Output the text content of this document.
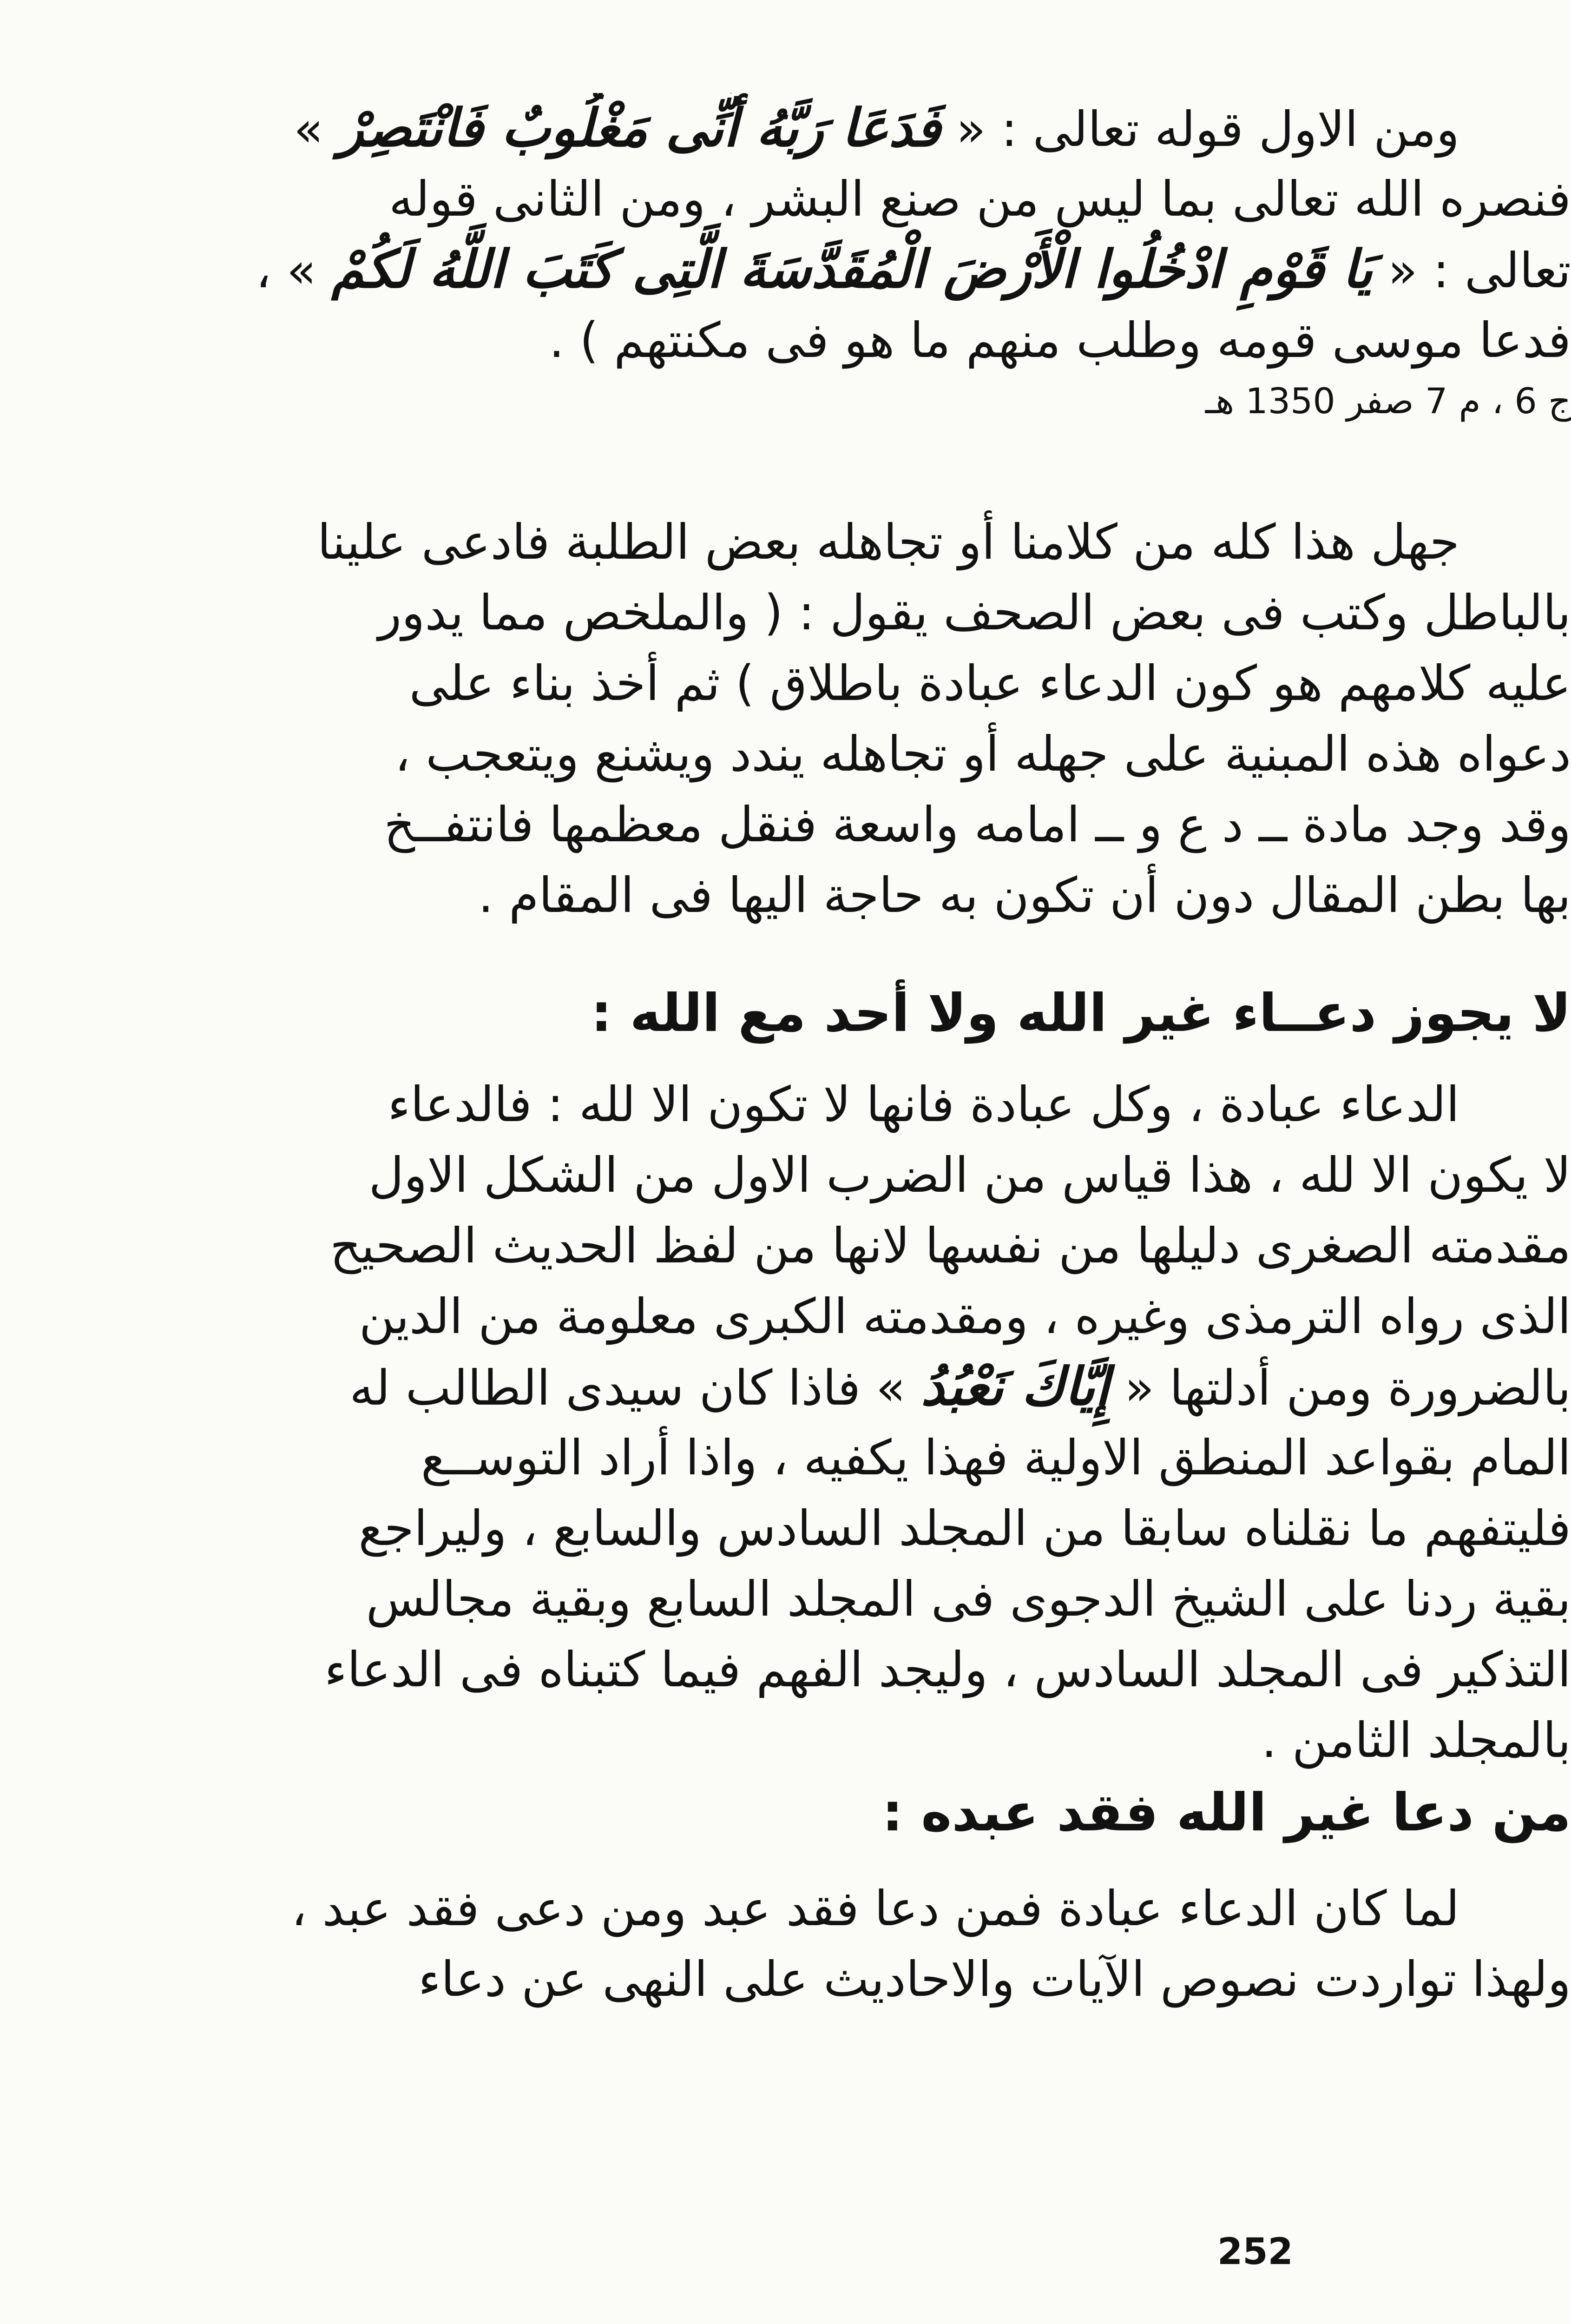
ومن الاول قوله تعالى : « فَدَعَا رَبَّهُ أَنِّى مَغْلُوبٌ فَانْتَصِرْ »
فنصره الله تعالى بما ليس من صنع البشر ، ومن الثانى قوله
تعالى : « يَا قَوْمِ ادْخُلُوا الْأَرْضَ الْمُقَدَّسَةَ الَّتِى كَتَبَ اللَّهُ لَكُمْ » ،
فدعا موسى قومه وطلب منهم ما هو فى مكنتهم ) .
ج 6 ، م 7 صفر 1350 هـ
جهل هذا كله من كلامنا أو تجاهله بعض الطلبة فادعى علينا
بالباطل وكتب فى بعض الصحف يقول : ( والملخص مما يدور
عليه كلامهم هو كون الدعاء عبادة باطلاق ) ثم أخذ بناء على
دعواه هذه المبنية على جهله أو تجاهله يندد ويشنع ويتعجب ،
وقد وجد مادة ــ د ع و ــ امامه واسعة فنقل معظمها فانتفــخ
بها بطن المقال دون أن تكون به حاجة اليها فى المقام .
لا يجوز دعــاء غير الله ولا أحد مع الله :
الدعاء عبادة ، وكل عبادة فانها لا تكون الا لله : فالدعاء
لا يكون الا لله ، هذا قياس من الضرب الاول من الشكل الاول
مقدمته الصغرى دليلها من نفسها لانها من لفظ الحديث الصحيح
الذى رواه الترمذى وغيره ، ومقدمته الكبرى معلومة من الدين
بالضرورة ومن أدلتها « إِيَّاكَ نَعْبُدُ » فاذا كان سيدى الطالب له
المام بقواعد المنطق الاولية فهذا يكفيه ، واذا أراد التوســع
فليتفهم ما نقلناه سابقا من المجلد السادس والسابع ، وليراجع
بقية ردنا على الشيخ الدجوى فى المجلد السابع وبقية مجالس
التذكير فى المجلد السادس ، وليجد الفهم فيما كتبناه فى الدعاء
بالمجلد الثامن .
من دعا غير الله فقد عبده :
لما كان الدعاء عبادة فمن دعا فقد عبد ومن دعى فقد عبد ،
ولهذا تواردت نصوص الآيات والاحاديث على النهى عن دعاء
252
